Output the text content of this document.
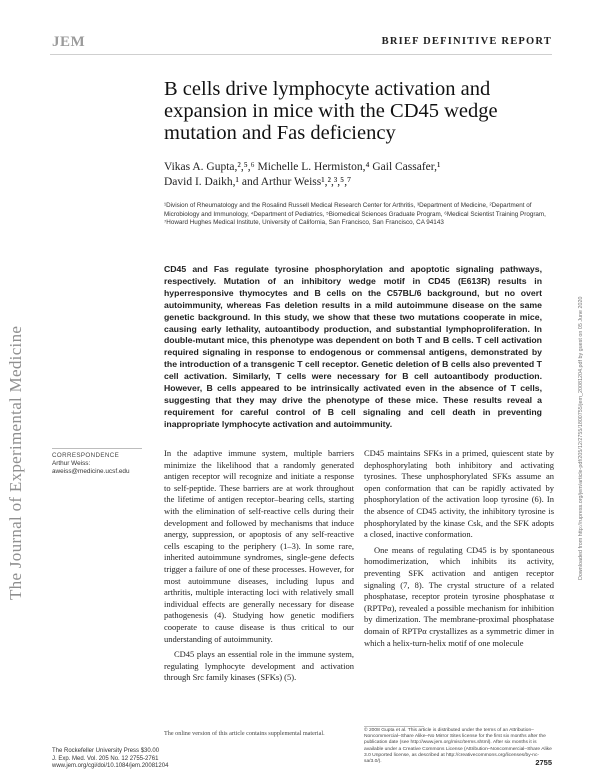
JEM	BRIEF DEFINITIVE REPORT
The Journal of Experimental Medicine	Downloaded from http://rupress.org/jem/article-pdf/205/12/2755/1800755/jem_20081204.pdf by guest on 05 June 2020
B cells drive lymphocyte activation and expansion in mice with the CD45 wedge mutation and Fas deficiency
Vikas A. Gupta,²,⁵,⁶ Michelle L. Hermiston,⁴ Gail Cassafer,¹
David I. Daikh,¹ and Arthur Weiss¹,²,³,⁵,⁷
¹Division of Rheumatology and the Rosalind Russell Medical Research Center for Arthritis, ³Department of Medicine, ²Department of Microbiology and Immunology, ⁴Department of Pediatrics, ⁵Biomedical Sciences Graduate Program, ⁶Medical Scientist Training Program, ⁷Howard Hughes Medical Institute, University of California, San Francisco, San Francisco, CA 94143
CD45 and Fas regulate tyrosine phosphorylation and apoptotic signaling pathways, respectively. Mutation of an inhibitory wedge motif in CD45 (E613R) results in hyperresponsive thymocytes and B cells on the C57BL/6 background, but no overt autoimmunity, whereas Fas deletion results in a mild autoimmune disease on the same genetic background. In this study, we show that these two mutations cooperate in mice, causing early lethality, autoantibody production, and substantial lymphoproliferation. In double-mutant mice, this phenotype was dependent on both T and B cells. T cell activation required signaling in response to endogenous or commensal antigens, demonstrated by the introduction of a transgenic T cell receptor. Genetic deletion of B cells also prevented T cell activation. Similarly, T cells were necessary for B cell autoantibody production. However, B cells appeared to be intrinsically activated even in the absence of T cells, suggesting that they may drive the phenotype of these mice. These results reveal a requirement for careful control of B cell signaling and cell death in preventing inappropriate lymphocyte activation and autoimmunity.
CORRESPONDENCE
Arthur Weiss:
aweiss@medicine.ucsf.edu

In the adaptive immune system, multiple barriers minimize the likelihood that a randomly generated antigen receptor will recognize and initiate a response to self-peptide. These barriers are at work throughout the lifetime of antigen receptor–bearing cells, starting with the elimination of self-reactive cells during their development and followed by mechanisms that induce anergy, suppression, or apoptosis of any self-reactive cells escaping to the periphery (1–3). In some rare, inherited autoimmune syndromes, single-gene defects trigger a failure of one of these processes. However, for most autoimmune diseases, including lupus and arthritis, multiple interacting loci with relatively small individual effects are generally necessary for disease pathogenesis (4). Studying how genetic modifiers cooperate to cause disease is thus critical to our understanding of autoimmunity.

CD45 plays an essential role in the immune system, regulating lymphocyte development and activation through Src family kinases (SFKs) (5).

CD45 maintains SFKs in a primed, quiescent state by dephosphorylating both inhibitory and activating tyrosines. These unphosphorylated SFKs assume an open conformation that can be rapidly activated by phosphorylation of the activation loop tyrosine (6). In the absence of CD45 activity, the inhibitory tyrosine is phosphorylated by the kinase Csk, and the SFK adopts a closed, inactive conformation.

One means of regulating CD45 is by spontaneous homodimerization, which inhibits its activity, preventing SFK activation and antigen receptor signaling (7, 8). The crystal structure of a related phosphatase, receptor protein tyrosine phosphatase α (RPTPα), revealed a possible mechanism for inhibition by dimerization. The membrane-proximal phosphatase domain of RPTPα crystallizes as a symmetric dimer in which a helix-turn-helix motif of one molecule

The online version of this article contains supplemental material.	© 2008 Gupta et al. This article is distributed under the terms of an Attribution–Noncommercial–Share Alike–No Mirror Sites license for the first six months after the publication date (see http://www.jem.org/misc/terms.shtml). After six months it is available under a Creative Commons License (Attribution–Noncommercial–Share Alike 3.0 Unported license, as described at http://creativecommons.org/licenses/by-nc-sa/3.0/).
The Rockefeller University Press $30.00
J. Exp. Med. Vol. 205 No. 12 2755-2761
www.jem.org/cgi/doi/10.1084/jem.20081204	2755
